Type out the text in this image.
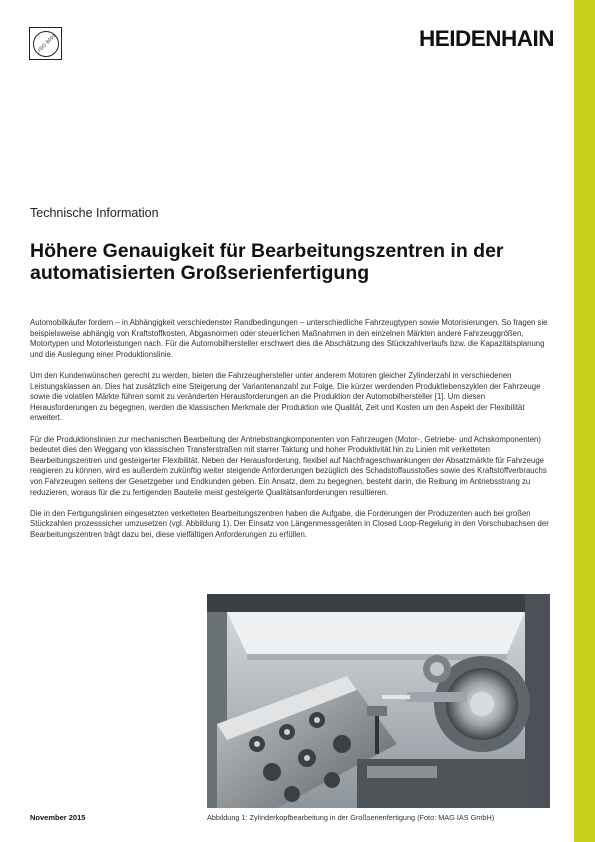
ISO 9001	HEIDENHAIN
Technische Information
Höhere Genauigkeit für Bearbeitungszentren in der automatisierten Großserienfertigung

Automobilkäufer fordern – in Abhängigkeit verschiedenster Randbedingungen – unterschiedliche Fahrzeugtypen sowie Motorisierungen. So fragen sie beispielsweise abhängig von Kraftstoffkosten, Abgasnormen oder steuerlichen Maßnahmen in den einzelnen Märkten andere Fahrzeuggrößen, Motortypen und Motorleistungen nach. Für die Automobilhersteller erschwert dies die Abschätzung des Stückzahlverlaufs bzw. die Kapazitätsplanung und die Auslegung einer Produktionslinie.

Um den Kundenwünschen gerecht zu werden, bieten die Fahrzeughersteller unter anderem Motoren gleicher Zylinderzahl in verschiedenen Leistungsklassen an. Dies hat zusätzlich eine Steigerung der Variantenanzahl zur Folge. Die kürzer werdenden Produktlebenszyklen der Fahrzeuge sowie die volatilen Märkte führen somit zu veränderten Herausforderungen an die Produktion der Automobilhersteller [1]. Um diesen Herausforderungen zu begegnen, werden die klassischen Merkmale der Produktion wie Qualität, Zeit und Kosten um den Aspekt der Flexibilität erweitert.

Für die Produktionslinien zur mechanischen Bearbeitung der Antriebstrangkomponenten von Fahrzeugen (Motor-, Getriebe- und Achskomponenten) bedeutet dies den Weggang von klassischen Transferstraßen mit starrer Taktung und hoher Produktivität hin zu Linien mit verketteten Bearbeitungszentren und gesteigerter Flexibilität. Neben der Herausforderung, flexibel auf Nachfrageschwankungen der Absatzmärkte für Fahrzeuge reagieren zu können, wird es außerdem zukünftig weiter steigende Anforderungen bezüglich des Schadstoffausstoßes sowie des Kraftstoffverbrauchs von Fahrzeugen seitens der Gesetzgeber und Endkunden geben. Ein Ansatz, dem zu begegnen, besteht darin, die Reibung im Antriebsstrang zu reduzieren, woraus für die zu fertigenden Bauteile meist gesteigerte Qualitätsanforderungen resultieren.

Die in den Fertigungslinien eingesetzten verketteten Bearbeitungszentren haben die Aufgabe, die Forderungen der Produzenten auch bei großen Stückzahlen prozesssicher umzusetzen (vgl. Abbildung 1). Der Einsatz von Längenmessgeräten in Closed Loop-Regelung in den Vorschubachsen der Bearbeitungszentren trägt dazu bei, diese vielfältigen Anforderungen zu erfüllen.

November 2015	Abbildung 1: Zylinderkopfbearbeitung in der Großserienfertigung (Foto: MAG IAS GmbH)
